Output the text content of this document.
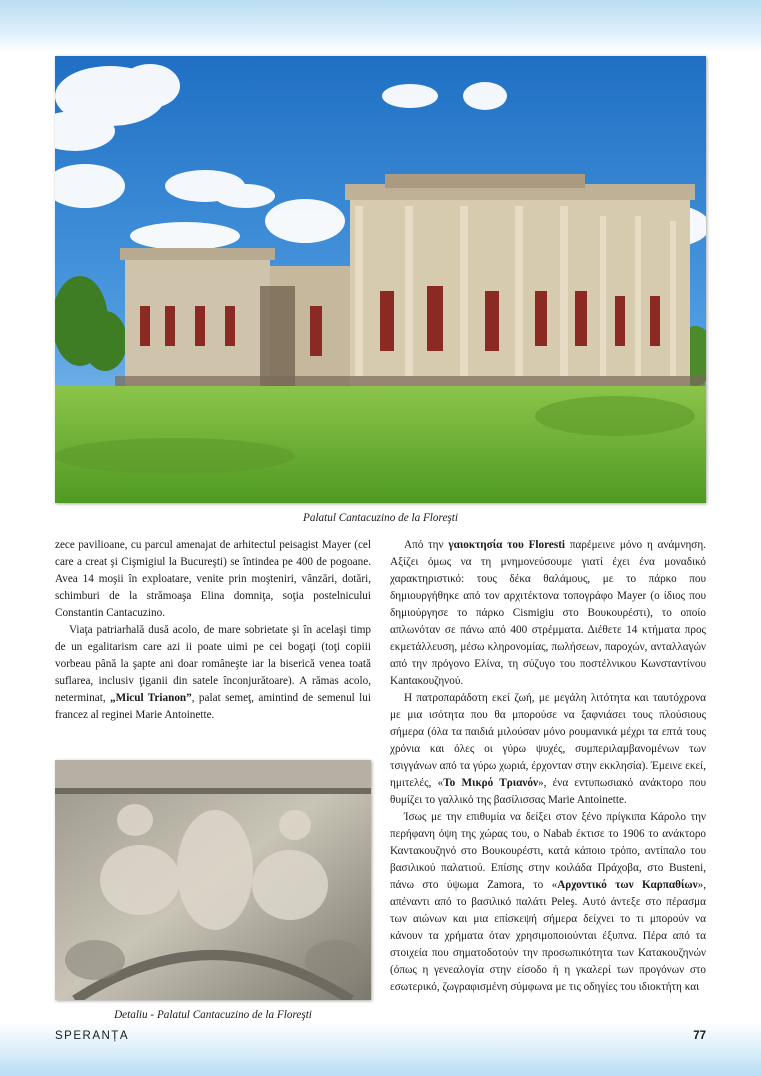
Palatul Cantacuzino de la Floreşti

zece pavilioane, cu parcul amenajat de arhitectul peisagist Mayer (cel care a creat şi Cişmigiul la Bucureşti) se întindea pe 400 de pogoane. Avea 14 moşii în exploatare, venite prin moşteniri, vânzări, dotări, schimburi de la strămoaşa Elina domniţa, soţia postelnicului Constantin Cantacuzino.

Viaţa patriarhală dusă acolo, de mare sobrietate şi în acelaşi timp de un egalitarism care azi ii poate uimi pe cei bogaţi (toţi copiii vorbeau până la şapte ani doar româneşte iar la biserică venea toată suflarea, inclusiv ţiganii din satele înconjurătoare). A rămas acolo, neterminat, „Micul Trianon”, palat semeţ, amintind de semenul lui francez al reginei Marie Antoinette.

Detaliu - Palatul Cantacuzino de la Floreşti

Από την γαιοκτησία του Floresti παρέμεινε μόνο η ανάμνηση. Αξίζει όμως να τη μνημονεύσουμε γιατί έχει ένα μοναδικό χαρακτηριστικό: τους δέκα θαλάμους, με το πάρκο που δημιουργήθηκε από τον αρχιτέκτονα τοπογράφο Mayer (ο ίδιος που δημιούργησε το πάρκο Cismigiu στο Βουκουρέστι), το οποίο απλωνόταν σε πάνω από 400 στρέμματα. Διέθετε 14 κτήματα προς εκμετάλλευση, μέσω κληρονομίας, πωλήσεων, παροχών, ανταλλαγών από την πρόγονο Ελίνα, τη σύζυγο του ποστέλνικου Κωνσταντίνου Κantακουζηνού.

Η πατροπαράδοτη εκεί ζωή, με μεγάλη λιτότητα και ταυτόχρονα με μια ισότητα που θα μπορούσε να ξαφνιάσει τους πλούσιους σήμερα (όλα τα παιδιά μιλούσαν μόνο ρουμανικά μέχρι τα επτά τους χρόνια και όλες οι γύρω ψυχές, συμπεριλαμβανομένων των τσιγγάνων από τα γύρω χωριά, έρχονταν στην εκκλησία). Έμεινε εκεί, ημιτελές, «Το Μικρό Τριανόν», ένα εντυπωσιακό ανάκτορο που θυμίζει το γαλλικό της βασίλισσας Marie Antoinette.

Ίσως με την επιθυμία να δείξει στον ξένο πρίγκιπα Κάρολο την περήφανη όψη της χώρας του, ο Nabab έκτισε το 1906 το ανάκτορο Καντακουζηνό στο Βουκουρέστι, κατά κάποιο τρόπο, αντίπαλο του βασιλικού παλατιού. Επίσης στην κοιλάδα Πράχοβα, στο Busteni, πάνω στο ύψωμα Zamora, το «Αρχοντικό των Καρπαθίων», απέναντι από το βασιλικό παλάτι Peleş. Αυτό άντεξε στο πέρασμα των αιώνων και μια επίσκεψή σήμερα δείχνει το τι μπορούν να κάνουν τα χρήματα όταν χρησιμοποιούνται έξυπνα. Πέρα από τα στοιχεία που σηματοδοτούν την προσωπικότητα των Κατακουζηνών (όπως η γενεαλογία στην είσοδο ή η γκαλερί των προγόνων στο εσωτερικό, ζωγραφισμένη σύμφωνα με τις οδηγίες του ιδιοκτήτη και

SPERANȚA	77
